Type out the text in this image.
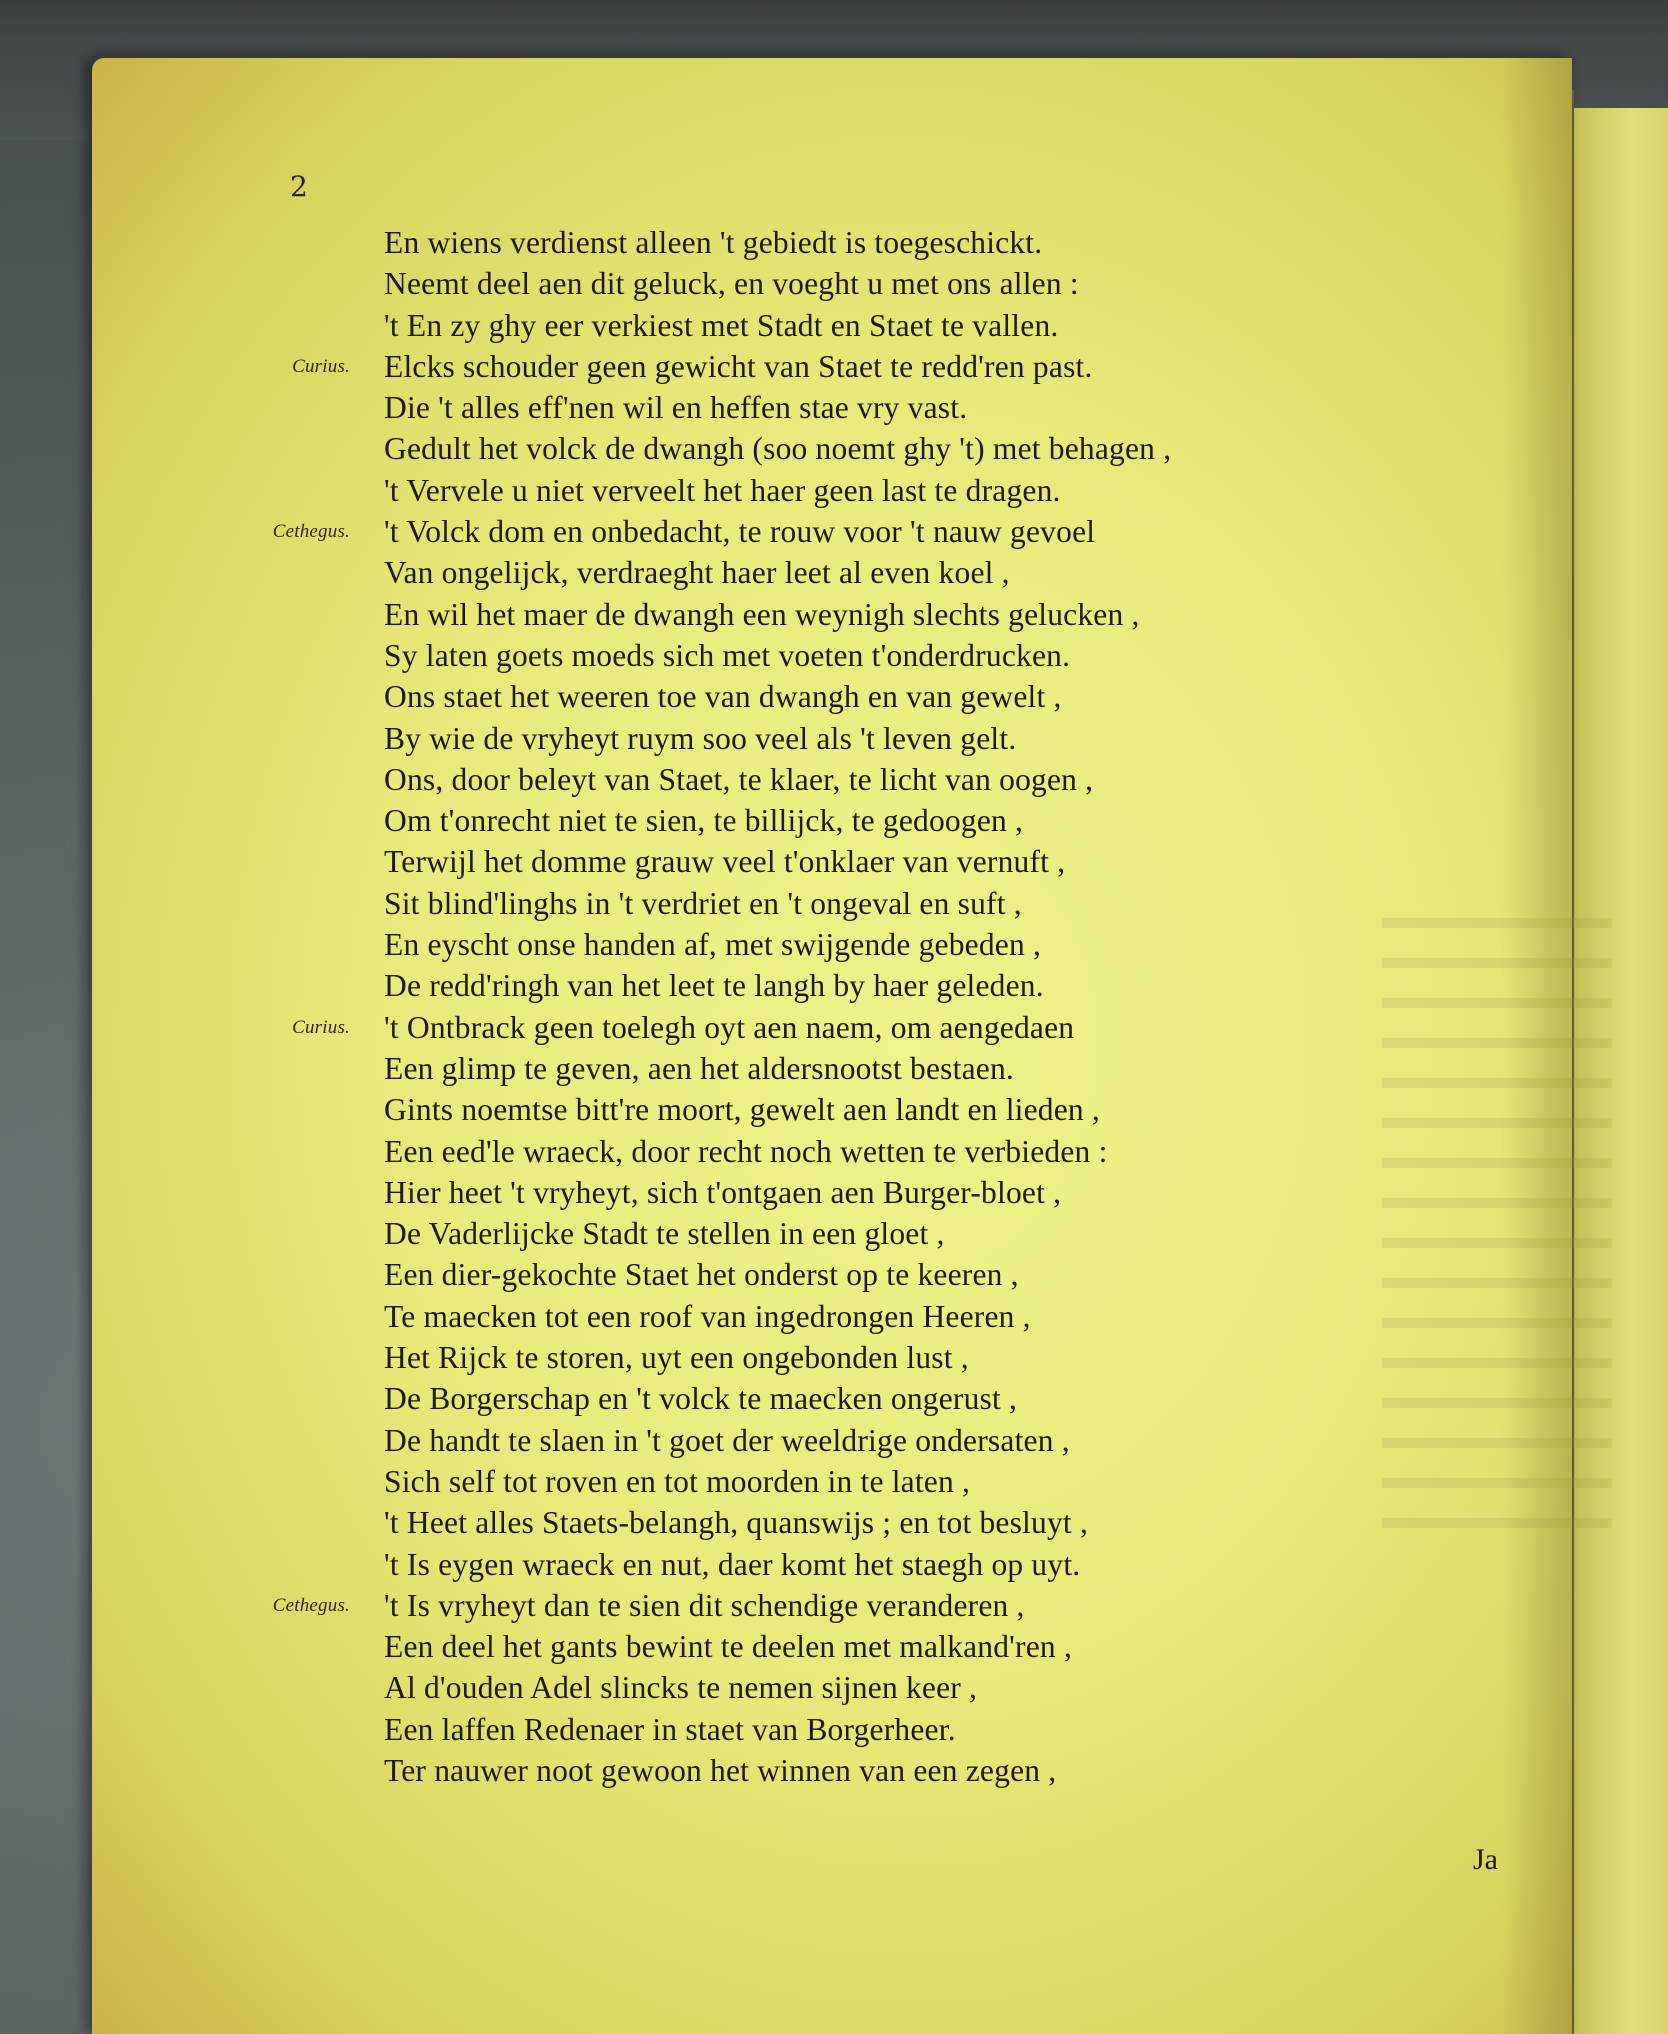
2
En wiens verdienst alleen 't gebiedt is toegeschickt.
Neemt deel aen dit geluck, en voeght u met ons allen :
't En zy ghy eer verkiest met Stadt en Staet te vallen.
Curius. Elcks schouder geen gewicht van Staet te redd'ren past.
Die 't alles eff'nen wil en heffen stae vry vast.
Gedult het volck de dwangh (soo noemt ghy 't) met behagen ,
't Vervele u niet verveelt het haer geen last te dragen.
Cethegus. 't Volck dom en onbedacht, te rouw voor 't nauw gevoel
Van ongelijck, verdraeght haer leet al even koel ,
En wil het maer de dwangh een weynigh slechts gelucken ,
Sy laten goets moeds sich met voeten t'onderdrucken.
Ons staet het weeren toe van dwangh en van gewelt ,
By wie de vryheyt ruym soo veel als 't leven gelt.
Ons, door beleyt van Staet, te klaer, te licht van oogen ,
Om t'onrecht niet te sien, te billijck, te gedoogen ,
Terwijl het domme grauw veel t'onklaer van vernuft ,
Sit blind'linghs in 't verdriet en 't ongeval en suft ,
En eyscht onse handen af, met swijgende gebeden ,
De redd'ringh van het leet te langh by haer geleden.
Curius. 't Ontbrack geen toelegh oyt aen naem, om aengedaen
Een glimp te geven, aen het aldersnootst bestaen.
Gints noemtse bitt're moort, gewelt aen landt en lieden ,
Een eed'le wraeck, door recht noch wetten te verbieden :
Hier heet 't vryheyt, sich t'ontgaen aen Burger-bloet ,
De Vaderlijcke Stadt te stellen in een gloet ,
Een dier-gekochte Staet het onderst op te keeren ,
Te maecken tot een roof van ingedrongen Heeren ,
Het Rijck te storen, uyt een ongebonden lust ,
De Borgerschap en 't volck te maecken ongerust ,
De handt te slaen in 't goet der weeldrige ondersaten ,
Sich self tot roven en tot moorden in te laten ,
't Heet alles Staets-belangh, quanswijs ; en tot besluyt ,
't Is eygen wraeck en nut, daer komt het staegh op uyt.
Cethegus. 't Is vryheyt dan te sien dit schendige veranderen ,
Een deel het gants bewint te deelen met malkand'ren ,
Al d'ouden Adel slincks te nemen sijnen keer ,
Een laffen Redenaer in staet van Borgerheer.
Ter nauwer noot gewoon het winnen van een zegen ,
Ja
